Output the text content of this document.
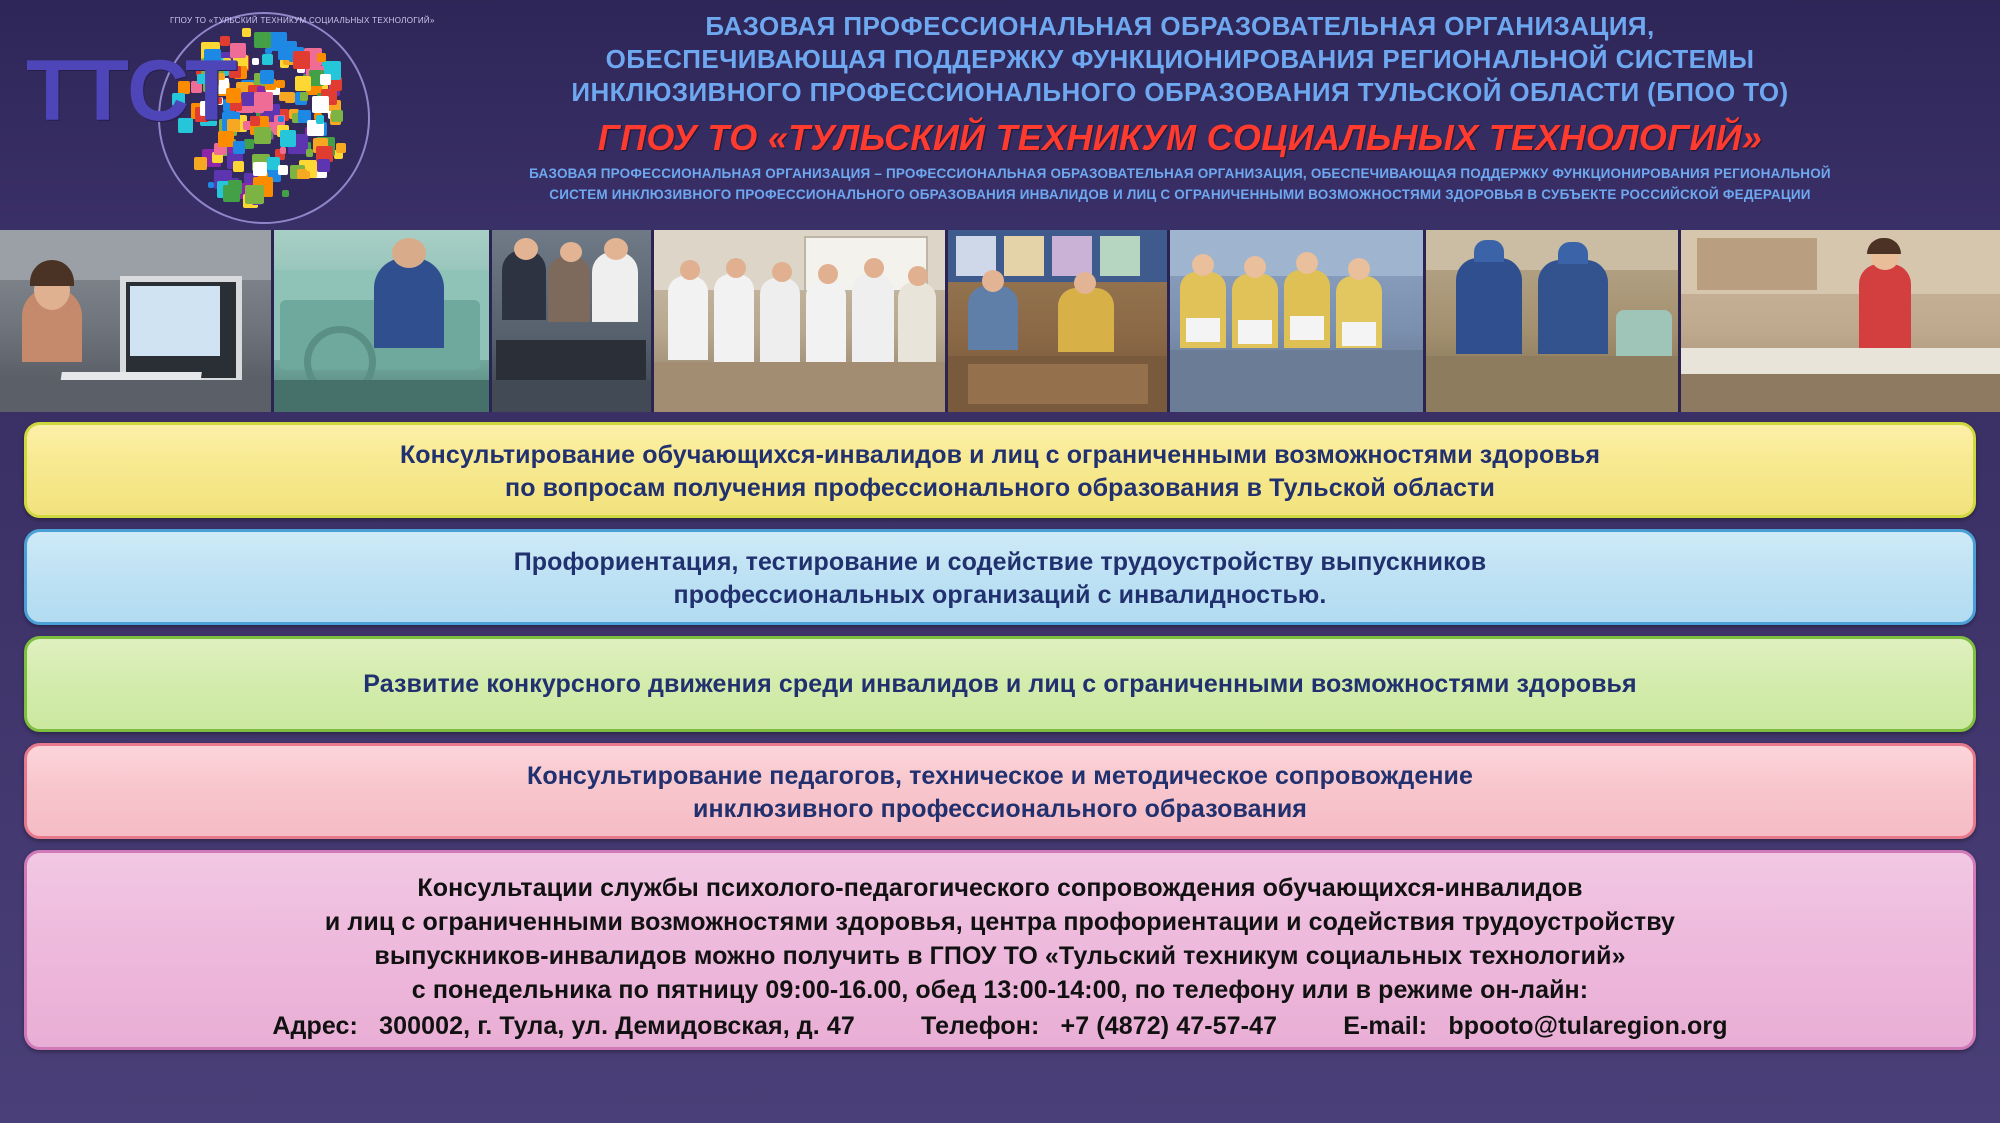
ГПОУ ТО «ТУЛЬСКИЙ ТЕХНИКУМ СОЦИАЛЬНЫХ ТЕХНОЛОГИЙ»
ТТСТ
БАЗОВАЯ ПРОФЕССИОНАЛЬНАЯ ОБРАЗОВАТЕЛЬНАЯ ОРГАНИЗАЦИЯ,
ОБЕСПЕЧИВАЮЩАЯ ПОДДЕРЖКУ ФУНКЦИОНИРОВАНИЯ РЕГИОНАЛЬНОЙ СИСТЕМЫ
ИНКЛЮЗИВНОГО ПРОФЕССИОНАЛЬНОГО ОБРАЗОВАНИЯ ТУЛЬСКОЙ ОБЛАСТИ (БПОО ТО)
ГПОУ ТО «ТУЛЬСКИЙ ТЕХНИКУМ СОЦИАЛЬНЫХ ТЕХНОЛОГИЙ»
БАЗОВАЯ ПРОФЕССИОНАЛЬНАЯ ОРГАНИЗАЦИЯ – ПРОФЕССИОНАЛЬНАЯ ОБРАЗОВАТЕЛЬНАЯ ОРГАНИЗАЦИЯ, ОБЕСПЕЧИВАЮЩАЯ ПОДДЕРЖКУ ФУНКЦИОНИРОВАНИЯ РЕГИОНАЛЬНОЙ
СИСТЕМ ИНКЛЮЗИВНОГО ПРОФЕССИОНАЛЬНОГО ОБРАЗОВАНИЯ ИНВАЛИДОВ И ЛИЦ С ОГРАНИЧЕННЫМИ ВОЗМОЖНОСТЯМИ ЗДОРОВЬЯ В СУБЪЕКТЕ РОССИЙСКОЙ ФЕДЕРАЦИИ
Консультирование обучающихся-инвалидов и лиц с ограниченными возможностями здоровья
по вопросам получения профессионального образования в Тульской области
Профориентация, тестирование и содействие трудоустройству выпускников
профессиональных организаций с инвалидностью.
Развитие конкурсного движения среди инвалидов и лиц с ограниченными возможностями здоровья
Консультирование педагогов, техническое и методическое сопровождение
инклюзивного профессионального образования
Консультации службы психолого-педагогического сопровождения обучающихся-инвалидов
и лиц с ограниченными возможностями здоровья, центра профориентации и содействия трудоустройству
выпускников-инвалидов можно получить в ГПОУ ТО «Тульский техникум социальных технологий»
с понедельника по пятницу 09:00-16.00, обед 13:00-14:00, по телефону или в режиме он-лайн:
Адрес: 300002, г. Тула, ул. Демидовская, д. 47	Телефон: +7 (4872) 47-57-47	E-mail: bpooto@tularegion.org
